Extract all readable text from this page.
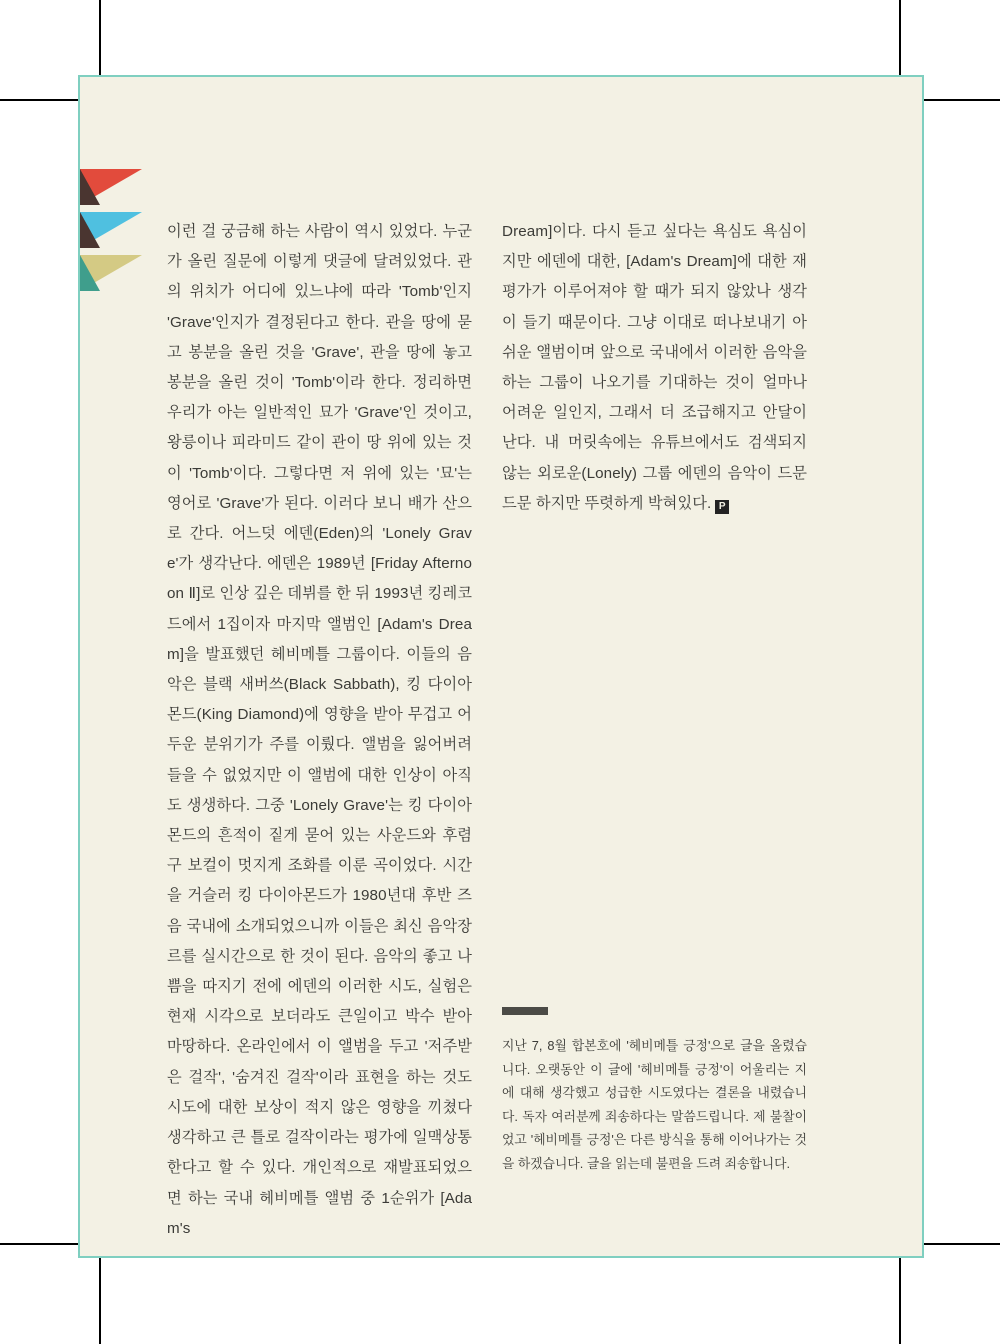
이런 걸 궁금해 하는 사람이 역시 있었다. 누군가 올린 질문에 이렇게 댓글에 달려있었다. 관의 위치가 어디에 있느냐에 따라 'Tomb'인지 'Grave'인지가 결정된다고 한다. 관을 땅에 묻고 봉분을 올린 것을 'Grave', 관을 땅에 놓고 봉분을 올린 것이 'Tomb'이라 한다. 정리하면 우리가 아는 일반적인 묘가 'Grave'인 것이고, 왕릉이나 피라미드 같이 관이 땅 위에 있는 것이 'Tomb'이다. 그렇다면 저 위에 있는 '묘'는 영어로 'Grave'가 된다. 이러다 보니 배가 산으로 간다. 어느덧 에덴(Eden)의 'Lonely Grave'가 생각난다. 에덴은 1989년 [Friday Afternoon Ⅱ]로 인상 깊은 데뷔를 한 뒤 1993년 킹레코드에서 1집이자 마지막 앨범인 [Adam's Dream]을 발표했던 헤비메틀 그룹이다. 이들의 음악은 블랙 새버쓰(Black Sabbath), 킹 다이아몬드(King Diamond)에 영향을 받아 무겁고 어두운 분위기가 주를 이뤘다. 앨범을 잃어버려 들을 수 없었지만 이 앨범에 대한 인상이 아직도 생생하다. 그중 'Lonely Grave'는 킹 다이아몬드의 흔적이 짙게 묻어 있는 사운드와 후렴구 보컬이 멋지게 조화를 이룬 곡이었다. 시간을 거슬러 킹 다이아몬드가 1980년대 후반 즈음 국내에 소개되었으니까 이들은 최신 음악장르를 실시간으로 한 것이 된다. 음악의 좋고 나쁨을 따지기 전에 에덴의 이러한 시도, 실험은 현재 시각으로 보더라도 큰일이고 박수 받아 마땅하다. 온라인에서 이 앨범을 두고 '저주받은 걸작', '숨겨진 걸작'이라 표현을 하는 것도 시도에 대한 보상이 적지 않은 영향을 끼쳤다 생각하고 큰 틀로 걸작이라는 평가에 일맥상통한다고 할 수 있다. 개인적으로 재발표되었으면 하는 국내 헤비메틀 앨범 중 1순위가 [Adam's

Dream]이다. 다시 듣고 싶다는 욕심도 욕심이지만 에덴에 대한, [Adam's Dream]에 대한 재평가가 이루어져야 할 때가 되지 않았나 생각이 들기 때문이다. 그냥 이대로 떠나보내기 아쉬운 앨범이며 앞으로 국내에서 이러한 음악을 하는 그룹이 나오기를 기대하는 것이 얼마나 어려운 일인지, 그래서 더 조급해지고 안달이 난다. 내 머릿속에는 유튜브에서도 검색되지 않는 외로운(Lonely) 그룹 에덴의 음악이 드문드문 하지만 뚜렷하게 박혀있다. P

지난 7, 8월 합본호에 '헤비메틀 긍정'으로 글을 올렸습니다. 오랫동안 이 글에 '헤비메틀 긍정'이 어울리는 지에 대해 생각했고 성급한 시도였다는 결론을 내렸습니다. 독자 여러분께 죄송하다는 말씀드립니다. 제 불찰이었고 '헤비메틀 긍정'은 다른 방식을 통해 이어나가는 것을 하겠습니다. 글을 읽는데 불편을 드려 죄송합니다.
